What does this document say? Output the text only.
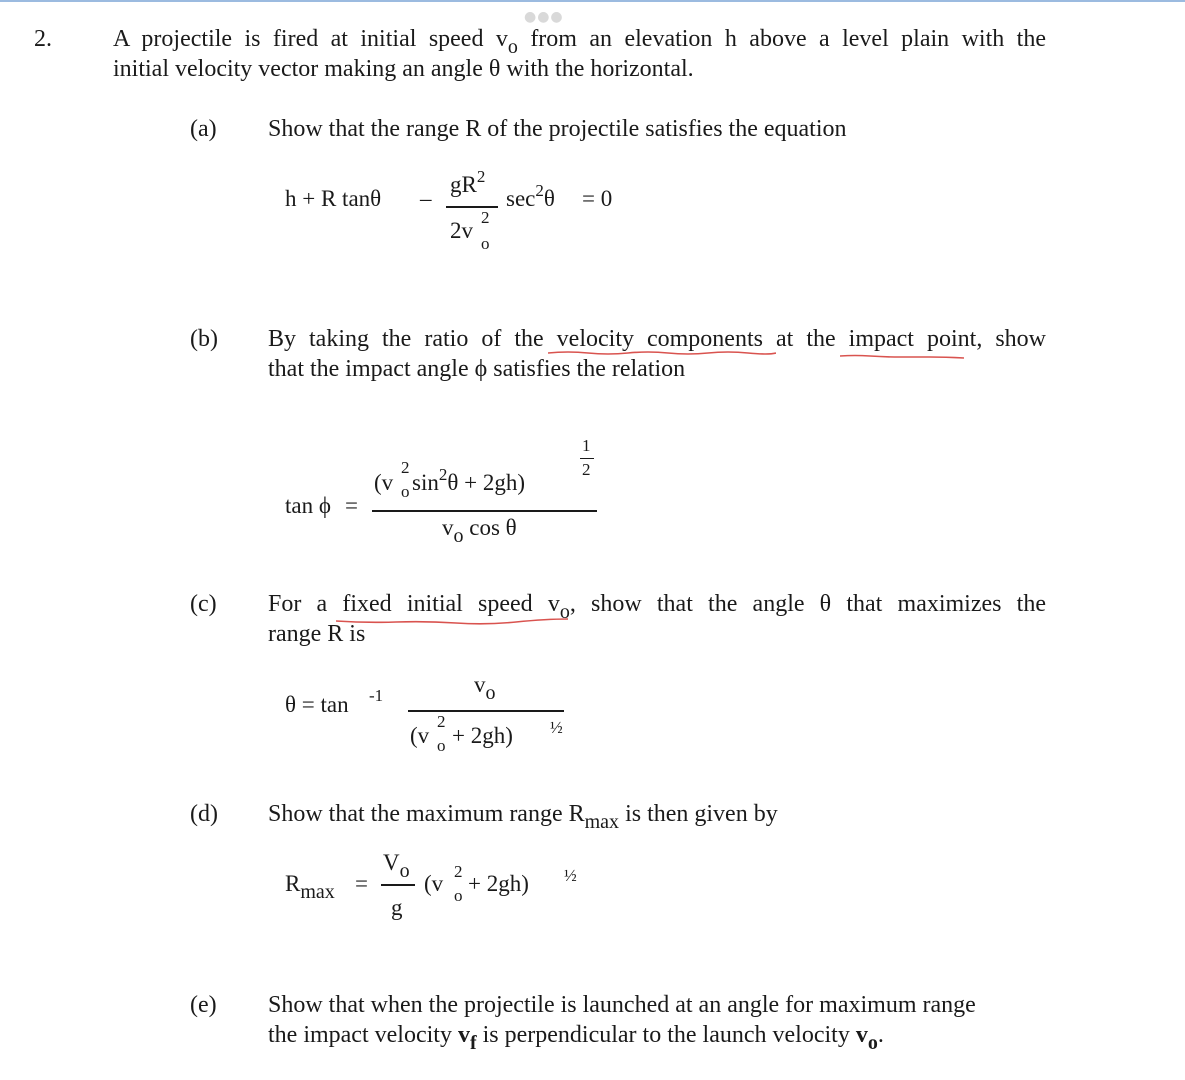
●●●
2.	A projectile is fired at initial speed $v_o$ from an elevation h above a level plain with the
initial velocity vector making an angle θ with the horizontal.
(a) Show that the range R of the projectile satisfies the equation
h + R tanθ –
$gR^2$
2v
2
o
$\sec^2\theta = 0$
(b) By taking the ratio of the velocity components at the impact point, show
that the impact angle ϕ satisfies the relation
tan ϕ =
(v
2
o $\sin^2\theta + 2gh$)
1
2
vo cos θ
(c) For a fixed initial speed $v_o$, show that the angle θ that maximizes the
range R is
θ = tan -1	vo
(v
2
o + 2gh) ½
(d) Show that the maximum range $R_{max}$ is then given by
Rmax =
Vo
g
(v 2
o + 2gh) ½
(e) Show that when the projectile is launched at an angle for maximum range
the impact velocity $v_f$ is perpendicular to the launch velocity $v_o$.
